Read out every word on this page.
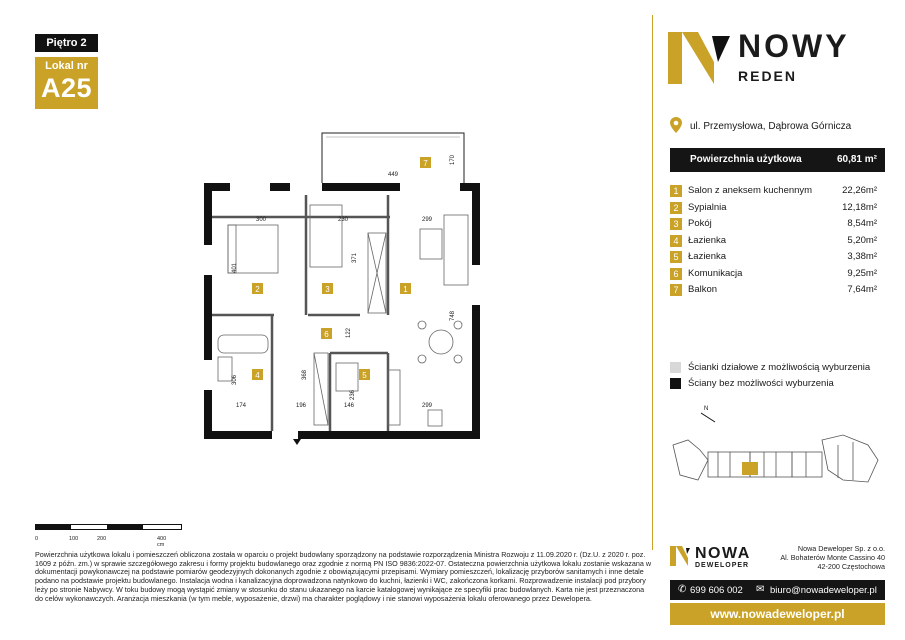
Piętro 2
Lokal nr
A25
7
2	3	1
6
4	5
449
170
300	230	299
401
371
748
122
368
306
236
174	196	146	299
0	100	200	400 cm
Powierzchnia użytkowa lokalu i pomieszczeń obliczona została w oparciu o projekt budowlany sporządzony na podstawie rozporządzenia Ministra Rozwoju z 11.09.2020 r. (Dz.U. z 2020 r. poz. 1609 z późn. zm.) w sprawie szczegółowego zakresu i formy projektu budowlanego oraz zgodnie z normą PN ISO 9836:2022-07. Ostateczna powierzchnia użytkowa lokalu zostanie wskazana w dokumentacji powykonawczej na podstawie pomiarów geodezyjnych dokonanych zgodnie z obowiązującymi przepisami. Wymiary pomieszczeń, lokalizację przyborów sanitarnych i inne detale podano na podstawie projektu budowlanego. Instalacja wodna i kanalizacyjna doprowadzona natynkowo do kuchni, łazienki i WC, zakończona korkami. Rozprowadzenie instalacji pod przybory leży po stronie Nabywcy. W toku budowy mogą wystąpić zmiany w stosunku do stanu ukazanego na karcie katalogowej wynikające ze specyfiki prac budowlanych. Karta nie jest przeznaczona do celów wykonawczych. Aranżacja mieszkania (w tym meble, wyposażenie, drzwi) ma charakter poglądowy i nie stanowi wyposażenia lokalu oferowanego przez Dewelopera.
NOWY
REDEN
ul. Przemysłowa, Dąbrowa Górnicza
Powierzchnia użytkowa	60,81 m²
1	Salon z aneksem kuchennym	22,26m²
2	Sypialnia	12,18m²
3	Pokój	8,54m²
4	Łazienka	5,20m²
5	Łazienka	3,38m²
6	Komunikacja	9,25m²
7	Balkon	7,64m²
Ścianki działowe z możliwością wyburzenia
Ściany bez możliwości wyburzenia
N
NOWA
DEWELOPER
Nowa Deweloper Sp. z o.o.
Al. Bohaterów Monte Cassino 40
42-200 Częstochowa
✆ 699 606 002 ✉ biuro@nowadeweloper.pl
www.nowadeweloper.pl
